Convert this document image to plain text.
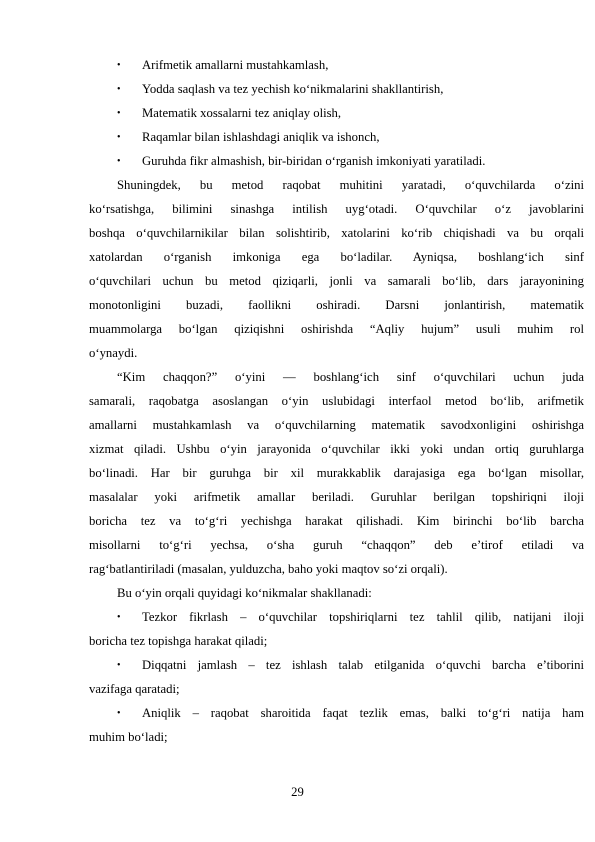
•	Arifmetik amallarni mustahkamlash,
•	Yodda saqlash va tez yechish ko‘nikmalarini shakllantirish,
•	Matematik xossalarni tez aniqlay olish,
•	Raqamlar bilan ishlashdagi aniqlik va ishonch,
•	Guruhda fikr almashish, bir-biridan o‘rganish imkoniyati yaratiladi.
Shuningdek, bu metod raqobat muhitini yaratadi, o‘quvchilarda o‘zini
ko‘rsatishga, bilimini sinashga intilish uyg‘otadi. O‘quvchilar o‘z javoblarini
boshqa o‘quvchilarnikilar bilan solishtirib, xatolarini ko‘rib chiqishadi va bu orqali
xatolardan o‘rganish imkoniga ega bo‘ladilar. Ayniqsa, boshlang‘ich sinf
o‘quvchilari uchun bu metod qiziqarli, jonli va samarali bo‘lib, dars jarayonining
monotonligini buzadi, faollikni oshiradi. Darsni jonlantirish, matematik
muammolarga bo‘lgan qiziqishni oshirishda “Aqliy hujum” usuli muhim rol
o‘ynaydi.
“Kim chaqqon?” o‘yini — boshlang‘ich sinf o‘quvchilari uchun juda
samarali, raqobatga asoslangan o‘yin uslubidagi interfaol metod bo‘lib, arifmetik
amallarni mustahkamlash va o‘quvchilarning matematik savodxonligini oshirishga
xizmat qiladi. Ushbu o‘yin jarayonida o‘quvchilar ikki yoki undan ortiq guruhlarga
bo‘linadi. Har bir guruhga bir xil murakkablik darajasiga ega bo‘lgan misollar,
masalalar yoki arifmetik amallar beriladi. Guruhlar berilgan topshiriqni iloji
boricha tez va to‘g‘ri yechishga harakat qilishadi. Kim birinchi bo‘lib barcha
misollarni to‘g‘ri yechsa, o‘sha guruh “chaqqon” deb e’tirof etiladi va
rag‘batlantiriladi (masalan, yulduzcha, baho yoki maqtov so‘zi orqali).
Bu o‘yin orqali quyidagi ko‘nikmalar shakllanadi:
•	Tezkor fikrlash – o‘quvchilar topshiriqlarni tez tahlil qilib, natijani iloji
boricha tez topishga harakat qiladi;
•	Diqqatni jamlash – tez ishlash talab etilganida o‘quvchi barcha e’tiborini
vazifaga qaratadi;
•	Aniqlik – raqobat sharoitida faqat tezlik emas, balki to‘g‘ri natija ham
muhim bo‘ladi;
29
